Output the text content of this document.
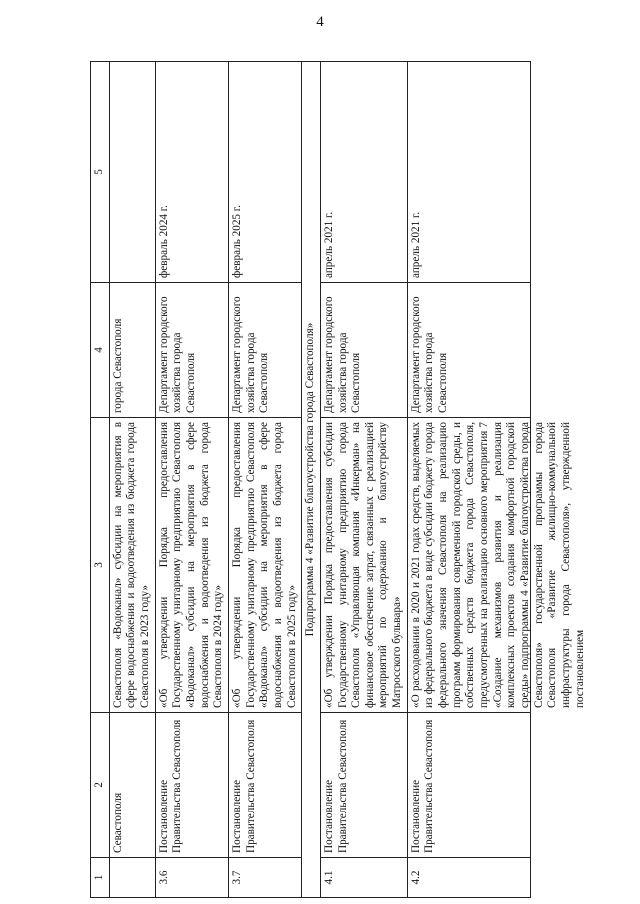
4
1	2	3	4	5
	Севастополя	Севастополя «Водоканал» субсидии на мероприятия в сфере водоснабжения и водоотведения из бюджета города Севастополя в 2023 году»	города Севастополя	
3.6	Постановление Правительства Севастополя	«Об утверждении Порядка предоставления Государственному унитарному предприятию Севастополя «Водоканал» субсидии на мероприятия в сфере водоснабжения и водоотведения из бюджета города Севастополя в 2024 году»	Департамент городского хозяйства города Севастополя	февраль 2024 г.
3.7	Постановление Правительства Севастополя	«Об утверждении Порядка предоставления Государственному унитарному предприятию Севастополя «Водоканал» субсидии на мероприятия в сфере водоснабжения и водоотведения из бюджета города Севастополя в 2025 году»	Департамент городского хозяйства города Севастополя	февраль 2025 г.
Подпрограмма 4 «Развитие благоустройства города Севастополя»				
4.1	Постановление Правительства Севастополя	«Об утверждении Порядка предоставления субсидии Государственному унитарному предприятию города Севастополя «Управляющая компания «Инкерман» на финансовое обеспечение затрат, связанных с реализацией мероприятий по содержанию и благоустройству Матросского бульвара»	Департамент городского хозяйства города Севастополя	апрель 2021 г.
4.2	Постановление Правительства Севастополя	«О расходовании в 2020 и 2021 годах средств, выделяемых из федерального бюджета в виде субсидии бюджету города федерального значения Севастополя на реализацию программ формирования современной городской среды, и собственных средств бюджета города Севастополя, предусмотренных на реализацию основного мероприятия 7 «Создание механизмов развития и реализация комплексных проектов создания комфортной городской среды» подпрограммы 4 «Развитие благоустройства города Севастополя» государственной программы города Севастополя «Развитие жилищно-коммунальной инфраструктуры города Севастополя», утвержденной постановлением	Департамент городского хозяйства города Севастополя	апрель 2021 г.
